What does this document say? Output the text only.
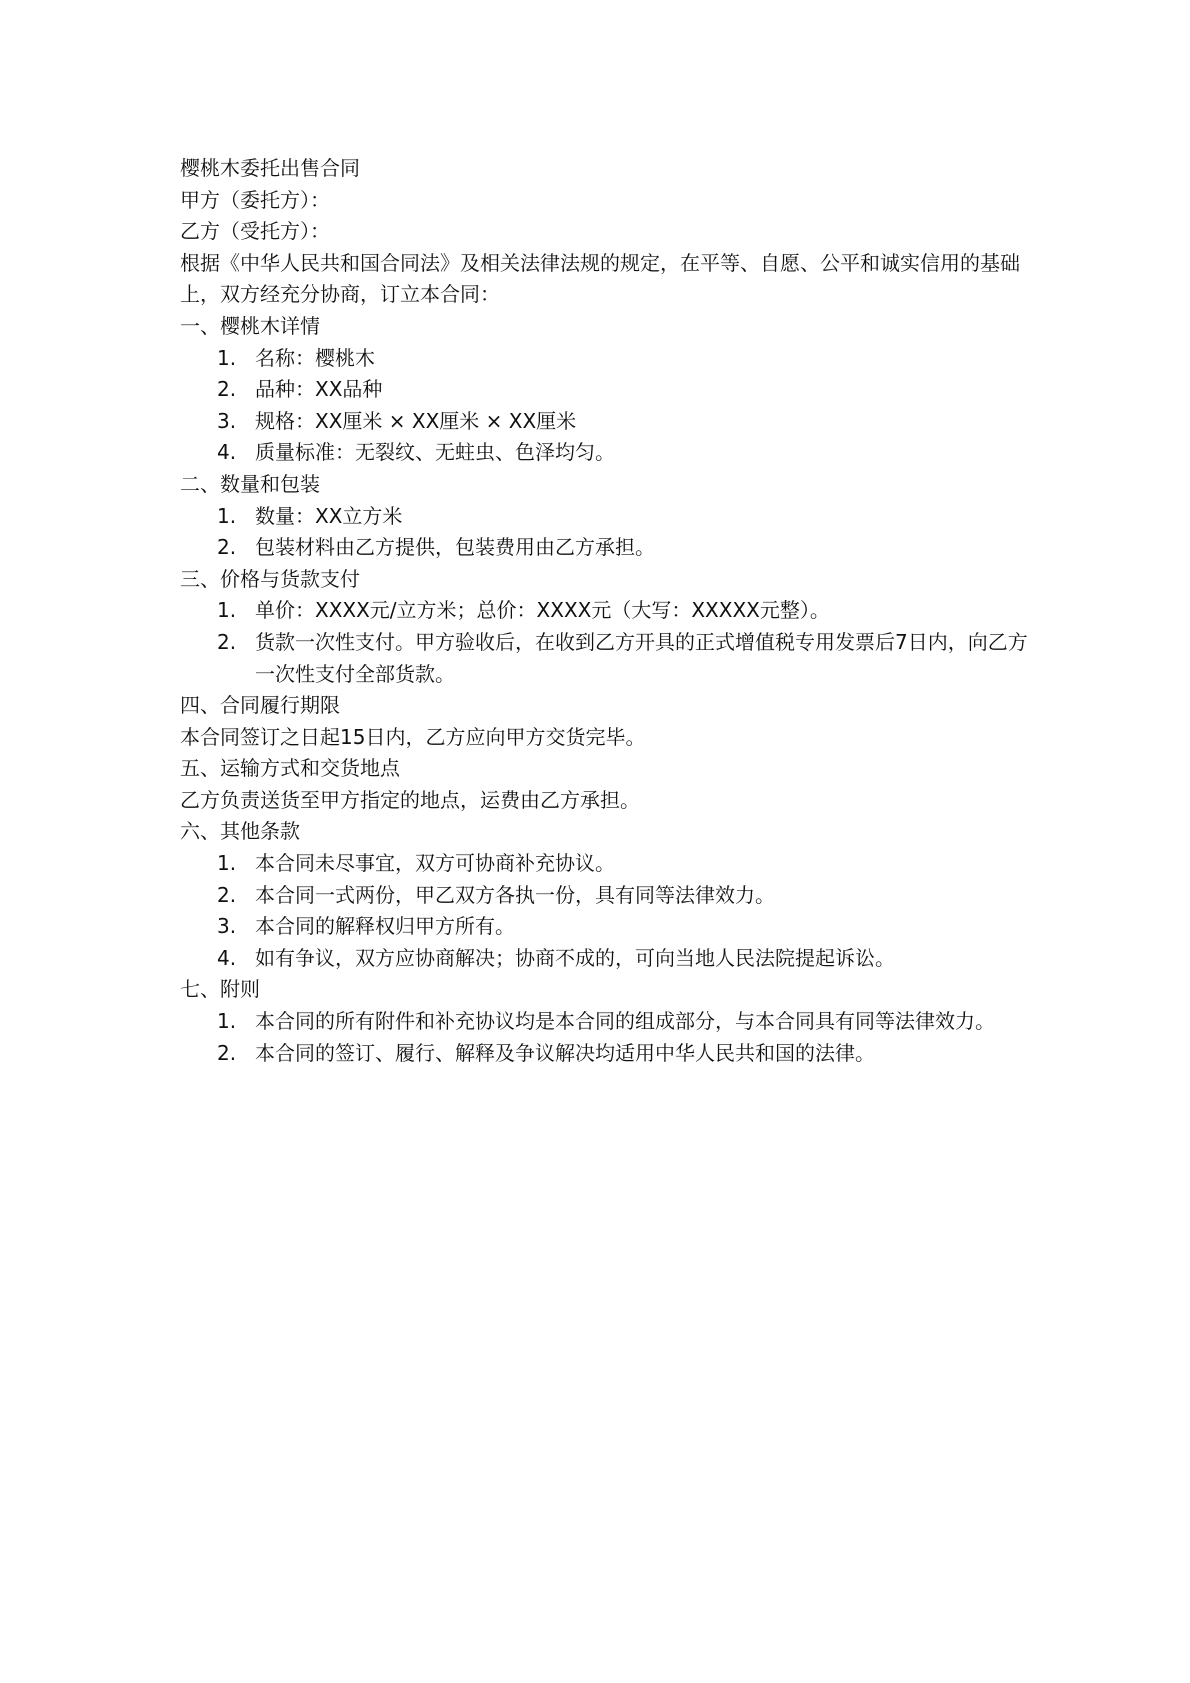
樱桃木委托出售合同

甲方（委托方）：

乙方（受托方）：

根据《中华人民共和国合同法》及相关法律法规的规定，在平等、自愿、公平和诚实信用的基础上，双方经充分协商，订立本合同：

一、樱桃木详情

1. 名称：樱桃木
2. 品种：XX品种
3. 规格：XX厘米 × XX厘米 × XX厘米
4. 质量标准：无裂纹、无蛀虫、色泽均匀。

二、数量和包装

1. 数量：XX立方米
2. 包装材料由乙方提供，包装费用由乙方承担。

三、价格与货款支付

1. 单价：XXXX元/立方米；总价：XXXX元（大写：XXXXX元整）。
2. 货款一次性支付。甲方验收后，在收到乙方开具的正式增值税专用发票后7日内，向乙方一次性支付全部货款。

四、合同履行期限

本合同签订之日起15日内，乙方应向甲方交货完毕。

五、运输方式和交货地点

乙方负责送货至甲方指定的地点，运费由乙方承担。

六、其他条款

1. 本合同未尽事宜，双方可协商补充协议。
2. 本合同一式两份，甲乙双方各执一份，具有同等法律效力。
3. 本合同的解释权归甲方所有。
4. 如有争议，双方应协商解决；协商不成的，可向当地人民法院提起诉讼。

七、附则

1. 本合同的所有附件和补充协议均是本合同的组成部分，与本合同具有同等法律效力。
2. 本合同的签订、履行、解释及争议解决均适用中华人民共和国的法律。
